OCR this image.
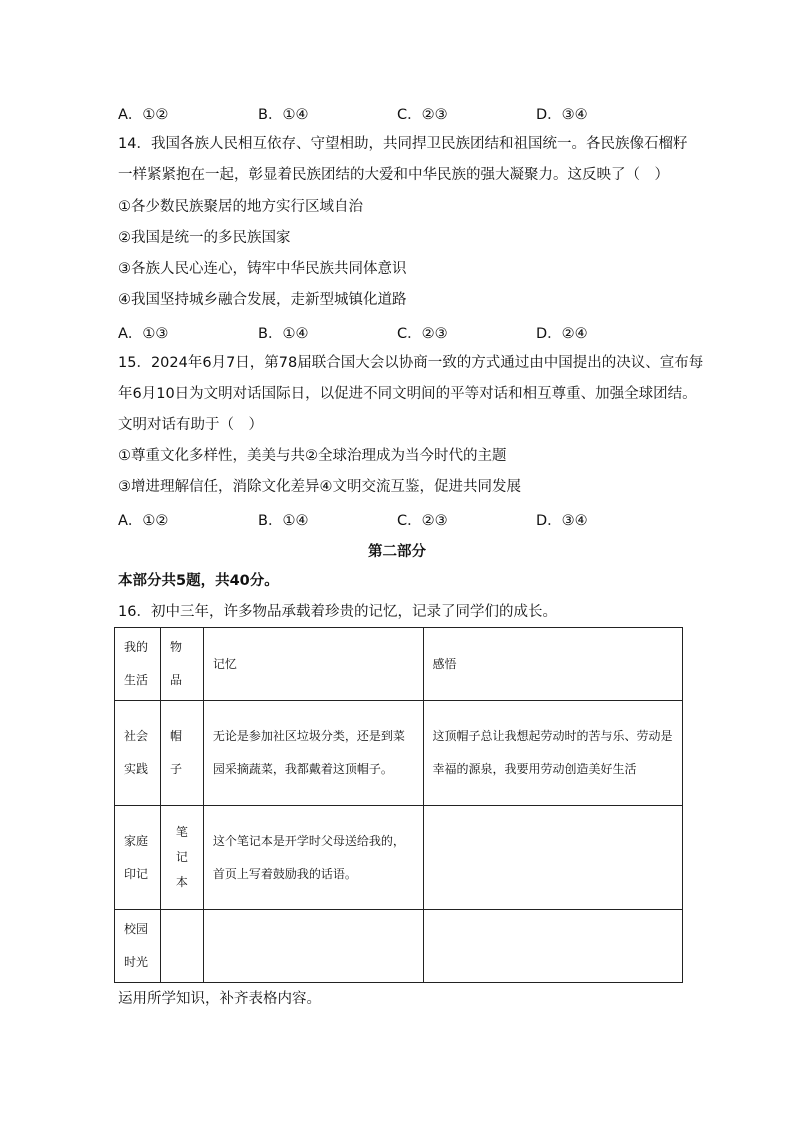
A．①②	B．①④	C．②③	D．③④
14．我国各族人民相互依存、守望相助，共同捍卫民族团结和祖国统一。各民族像石榴籽
一样紧紧抱在一起，彰显着民族团结的大爱和中华民族的强大凝聚力。这反映了（　）
①各少数民族聚居的地方实行区域自治
②我国是统一的多民族国家
③各族人民心连心，铸牢中华民族共同体意识
④我国坚持城乡融合发展，走新型城镇化道路
A．①③	B．①④	C．②③	D．②④
15．2024年6月7日，第78届联合国大会以协商一致的方式通过由中国提出的决议、宣布每
年6月10日为文明对话国际日，以促进不同文明间的平等对话和相互尊重、加强全球团结。
文明对话有助于（　）
①尊重文化多样性，美美与共②全球治理成为当今时代的主题
③增进理解信任，消除文化差异④文明交流互鉴，促进共同发展
A．①②	B．①④	C．②③	D．③④
第二部分
本部分共5题，共40分。
16．初中三年，许多物品承载着珍贵的记忆，记录了同学们的成长。
我的生活	物品	记忆	感悟
社会实践	帽子	无论是参加社区垃圾分类，还是到菜园采摘蔬菜，我都戴着这顶帽子。	这顶帽子总让我想起劳动时的苦与乐、劳动是幸福的源泉，我要用劳动创造美好生活
家庭印记	笔记本	这个笔记本是开学时父母送给我的，首页上写着鼓励我的话语。	
校园时光			
运用所学知识，补齐表格内容。
